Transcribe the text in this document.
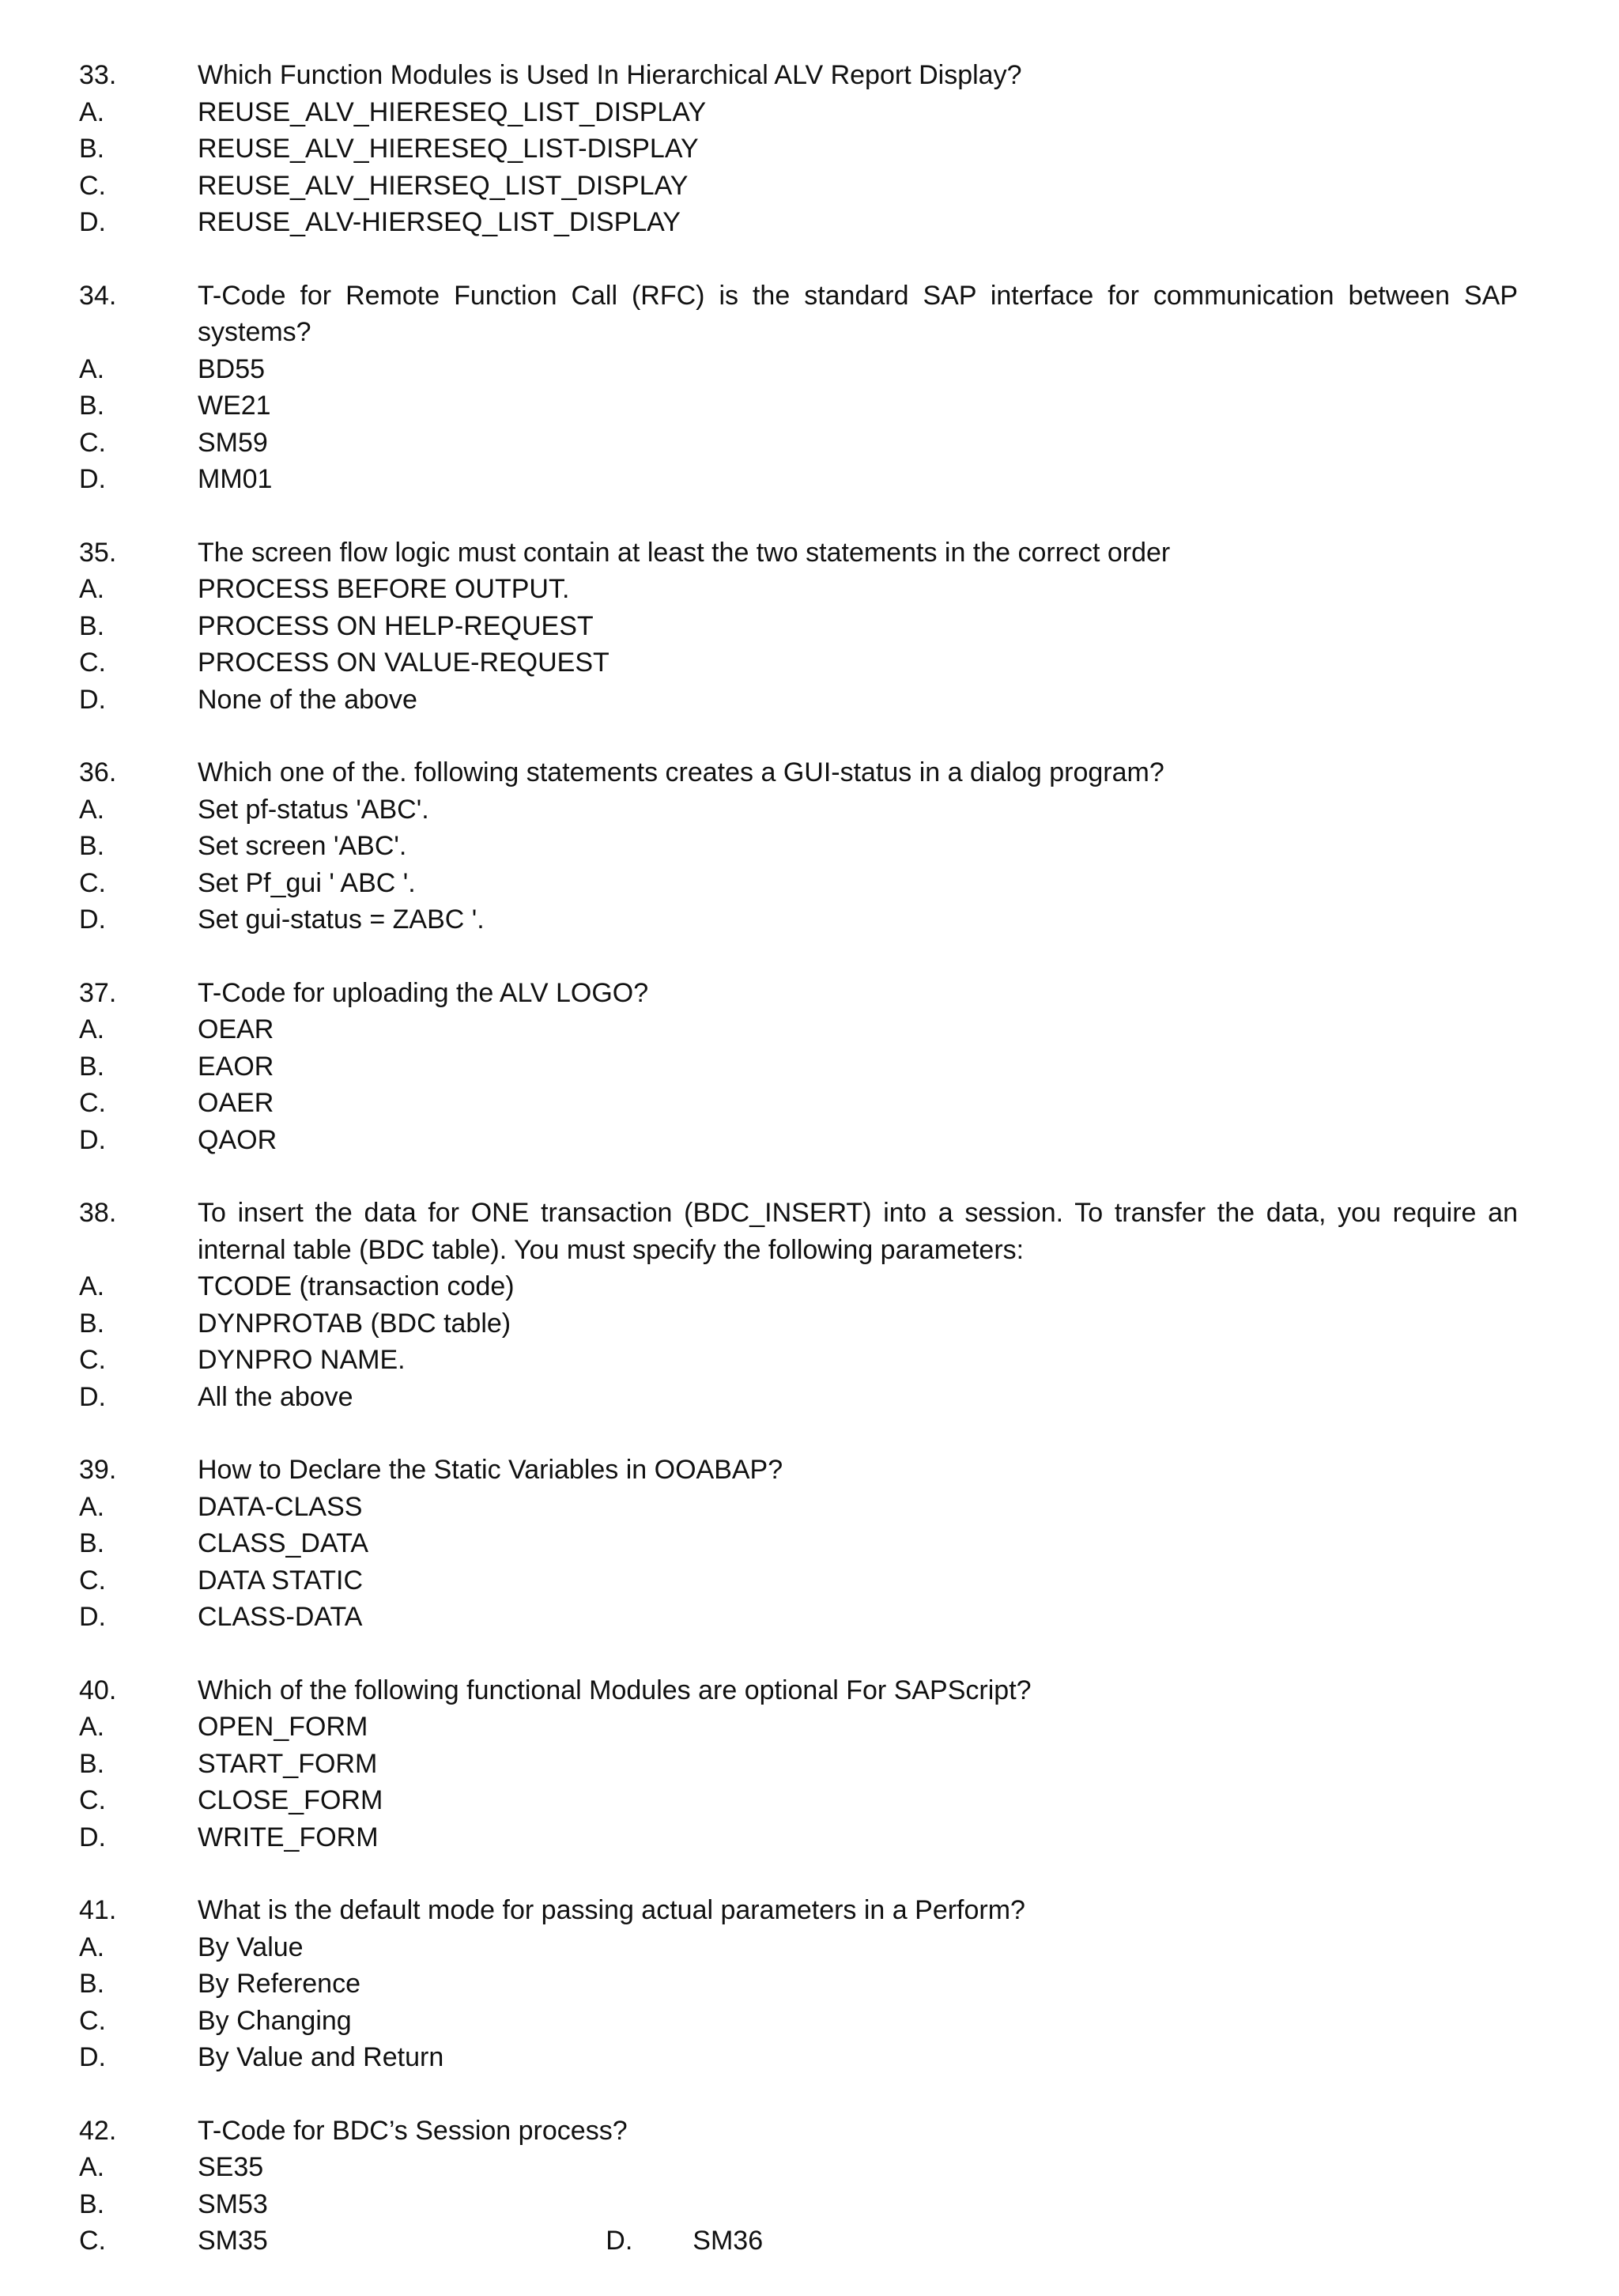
33.	Which Function Modules is Used In Hierarchical ALV Report Display?
A.	REUSE_ALV_HIERESEQ_LIST_DISPLAY
B.	REUSE_ALV_HIERESEQ_LIST-DISPLAY
C.	REUSE_ALV_HIERSEQ_LIST_DISPLAY
D.	REUSE_ALV-HIERSEQ_LIST_DISPLAY
34.	T-Code for Remote Function Call (RFC) is the standard SAP interface for communication between SAP systems?
A.	BD55
B.	WE21
C.	SM59
D.	MM01
35.	The screen flow logic must contain at least the two statements in the correct order
A.	PROCESS BEFORE OUTPUT.
B.	PROCESS ON HELP-REQUEST
C.	PROCESS ON VALUE-REQUEST
D.	None of the above
36.	Which one of the. following statements creates a GUI-status in a dialog program?
A.	Set pf-status 'ABC'.
B.	Set screen 'ABC'.
C.	Set Pf_gui ' ABC '.
D.	Set gui-status = ZABC '.
37.	T-Code for uploading the ALV LOGO?
A.	OEAR
B.	EAOR
C.	OAER
D.	QAOR
38.	To insert the data for ONE transaction (BDC_INSERT) into a session. To transfer the data, you require an internal table (BDC table). You must specify the following parameters:
A.	TCODE (transaction code)
B.	DYNPROTAB (BDC table)
C.	DYNPRO NAME.
D.	All the above
39.	How to Declare the Static Variables in OOABAP?
A.	DATA-CLASS
B.	CLASS_DATA
C.	DATA STATIC
D.	CLASS-DATA
40.	Which of the following functional Modules are optional For SAPScript?
A.	OPEN_FORM
B.	START_FORM
C.	CLOSE_FORM
D.	WRITE_FORM
41.	What is the default mode for passing actual parameters in a Perform?
A.	By Value
B.	By Reference
C.	By Changing
D.	By Value and Return
42.	T-Code for BDC’s Session process?
A.	SE35
B.	SM53
C.	SM35	D.	SM36
